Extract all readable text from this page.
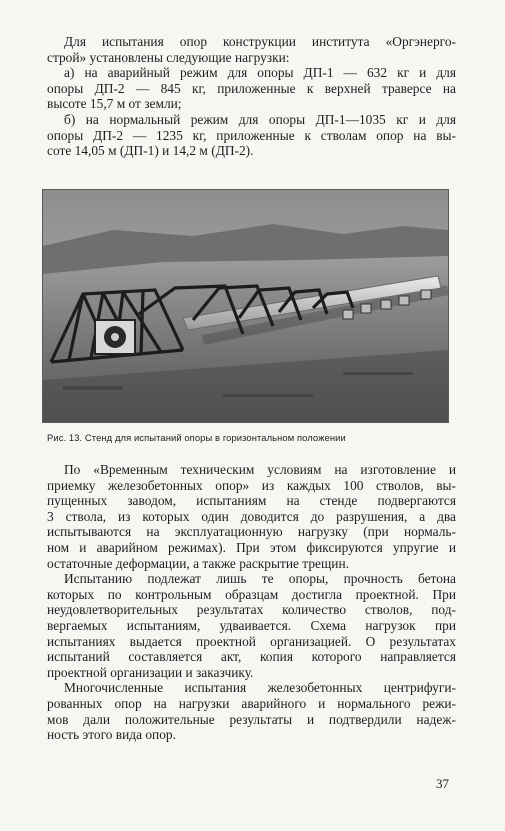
Для испытания опор конструкции института «Оргэнерго-
строй» установлены следующие нагрузки:
а) на аварийный режим для опоры ДП-1 — 632 кг и для
опоры ДП-2 — 845 кг, приложенные к верхней траверсе на
высоте 15,7 м от земли;
б) на нормальный режим для опоры ДП-1—1035 кг и для
опоры ДП-2 — 1235 кг, приложенные к стволам опор на вы-
соте 14,05 м (ДП-1) и 14,2 м (ДП-2).
Рис. 13. Стенд для испытаний опоры в горизонтальном положении
По «Временным техническим условиям на изготовление и
приемку железобетонных опор» из каждых 100 стволов, вы-
пущенных заводом, испытаниям на стенде подвергаются
3 ствола, из которых один доводится до разрушения, а два
испытываются на эксплуатационную нагрузку (при нормаль-
ном и аварийном режимах). При этом фиксируются упругие и
остаточные деформации, а также раскрытие трещин.
Испытанию подлежат лишь те опоры, прочность бетона
которых по контрольным образцам достигла проектной. При
неудовлетворительных результатах количество стволов, под-
вергаемых испытаниям, удваивается. Схема нагрузок при
испытаниях выдается проектной организацией. О результатах
испытаний составляется акт, копия которого направляется
проектной организации и заказчику.
Многочисленные испытания железобетонных центрифуги-
рованных опор на нагрузки аварийного и нормального режи-
мов дали положительные результаты и подтвердили надеж-
ность этого вида опор.
37
